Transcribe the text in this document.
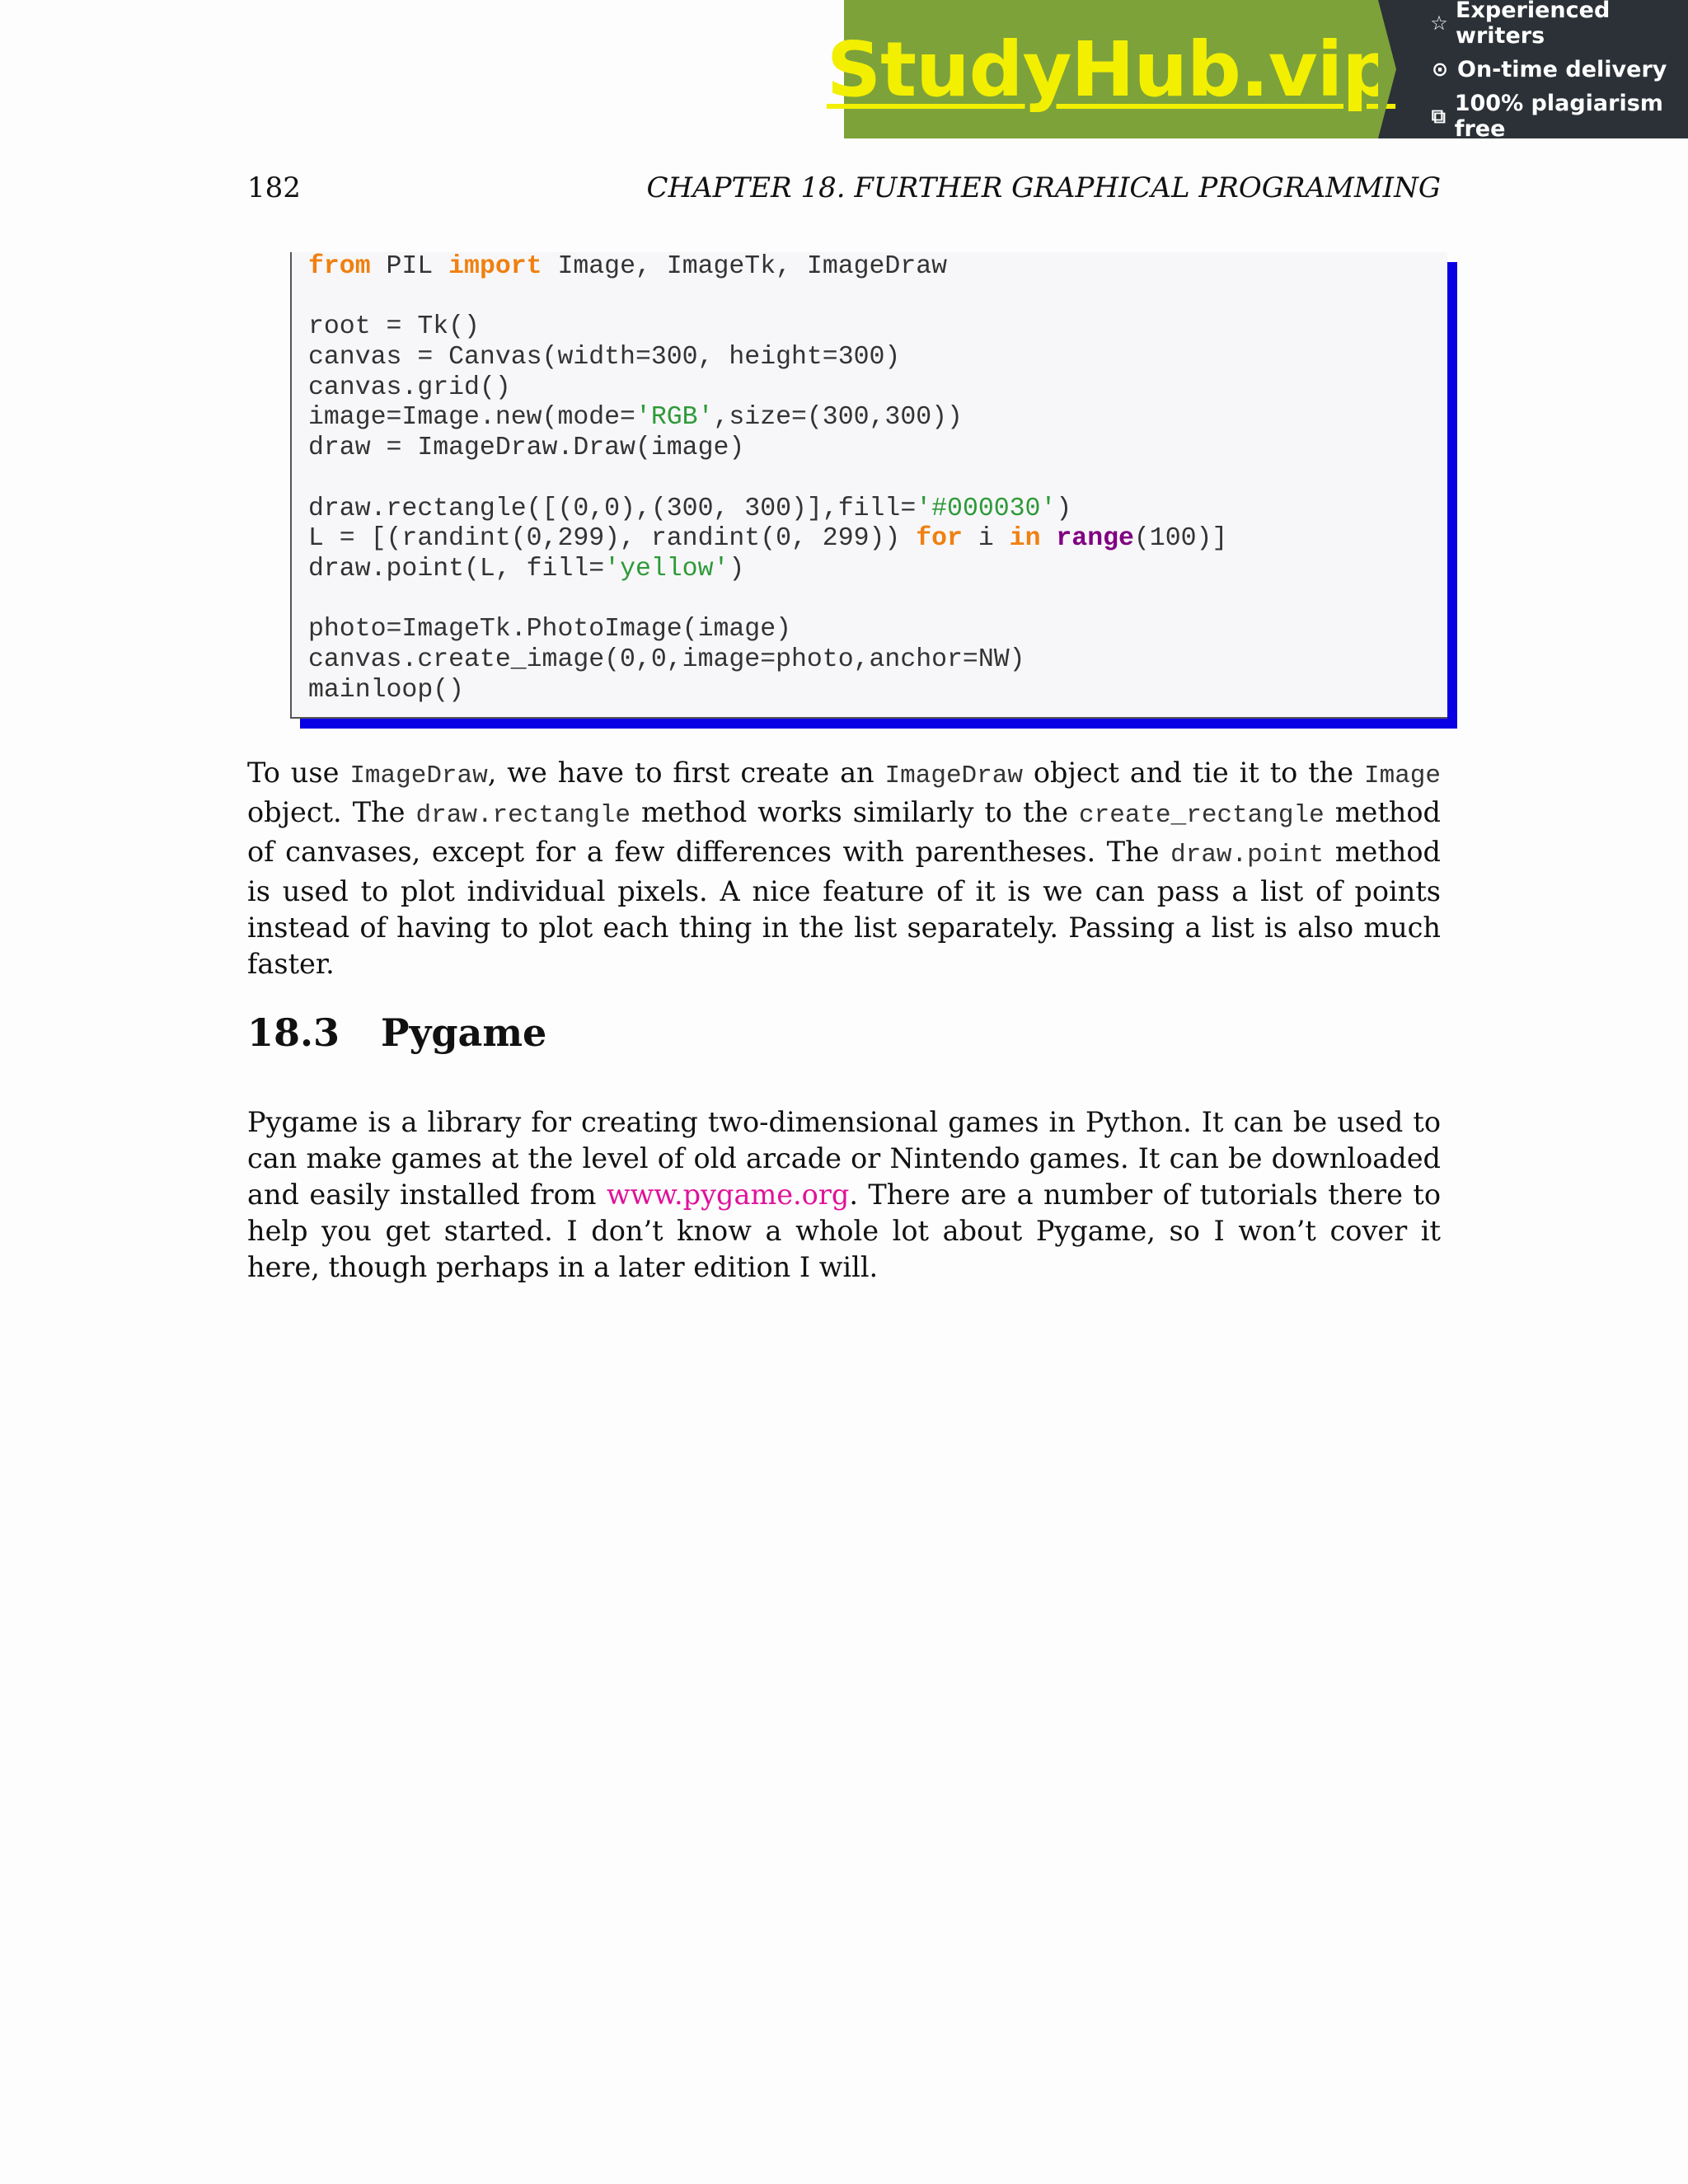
StudyHub.vip
☆ Experienced writers
⊙ On-time delivery
⧉ 100% plagiarism free
182	CHAPTER 18. FURTHER GRAPHICAL PROGRAMMING
from PIL import Image, ImageTk, ImageDraw

root = Tk()
canvas = Canvas(width=300, height=300)
canvas.grid()
image=Image.new(mode='RGB',size=(300,300))
draw = ImageDraw.Draw(image)

draw.rectangle([(0,0),(300, 300)],fill='#000030')
L = [(randint(0,299), randint(0, 299)) for i in range(100)]
draw.point(L, fill='yellow')

photo=ImageTk.PhotoImage(image)
canvas.create_image(0,0,image=photo,anchor=NW)
mainloop()

To use ImageDraw, we have to first create an ImageDraw object and tie it to the Image object. The draw.rectangle method works similarly to the create_rectangle method of canvases, except for a few differences with parentheses. The draw.point method is used to plot individual pixels. A nice feature of it is we can pass a list of points instead of having to plot each thing in the list separately. Passing a list is also much faster.

18.3 Pygame

Pygame is a library for creating two-dimensional games in Python. It can be used to can make games at the level of old arcade or Nintendo games. It can be downloaded and easily installed from www.pygame.org. There are a number of tutorials there to help you get started. I don’t know a whole lot about Pygame, so I won’t cover it here, though perhaps in a later edition I will.
